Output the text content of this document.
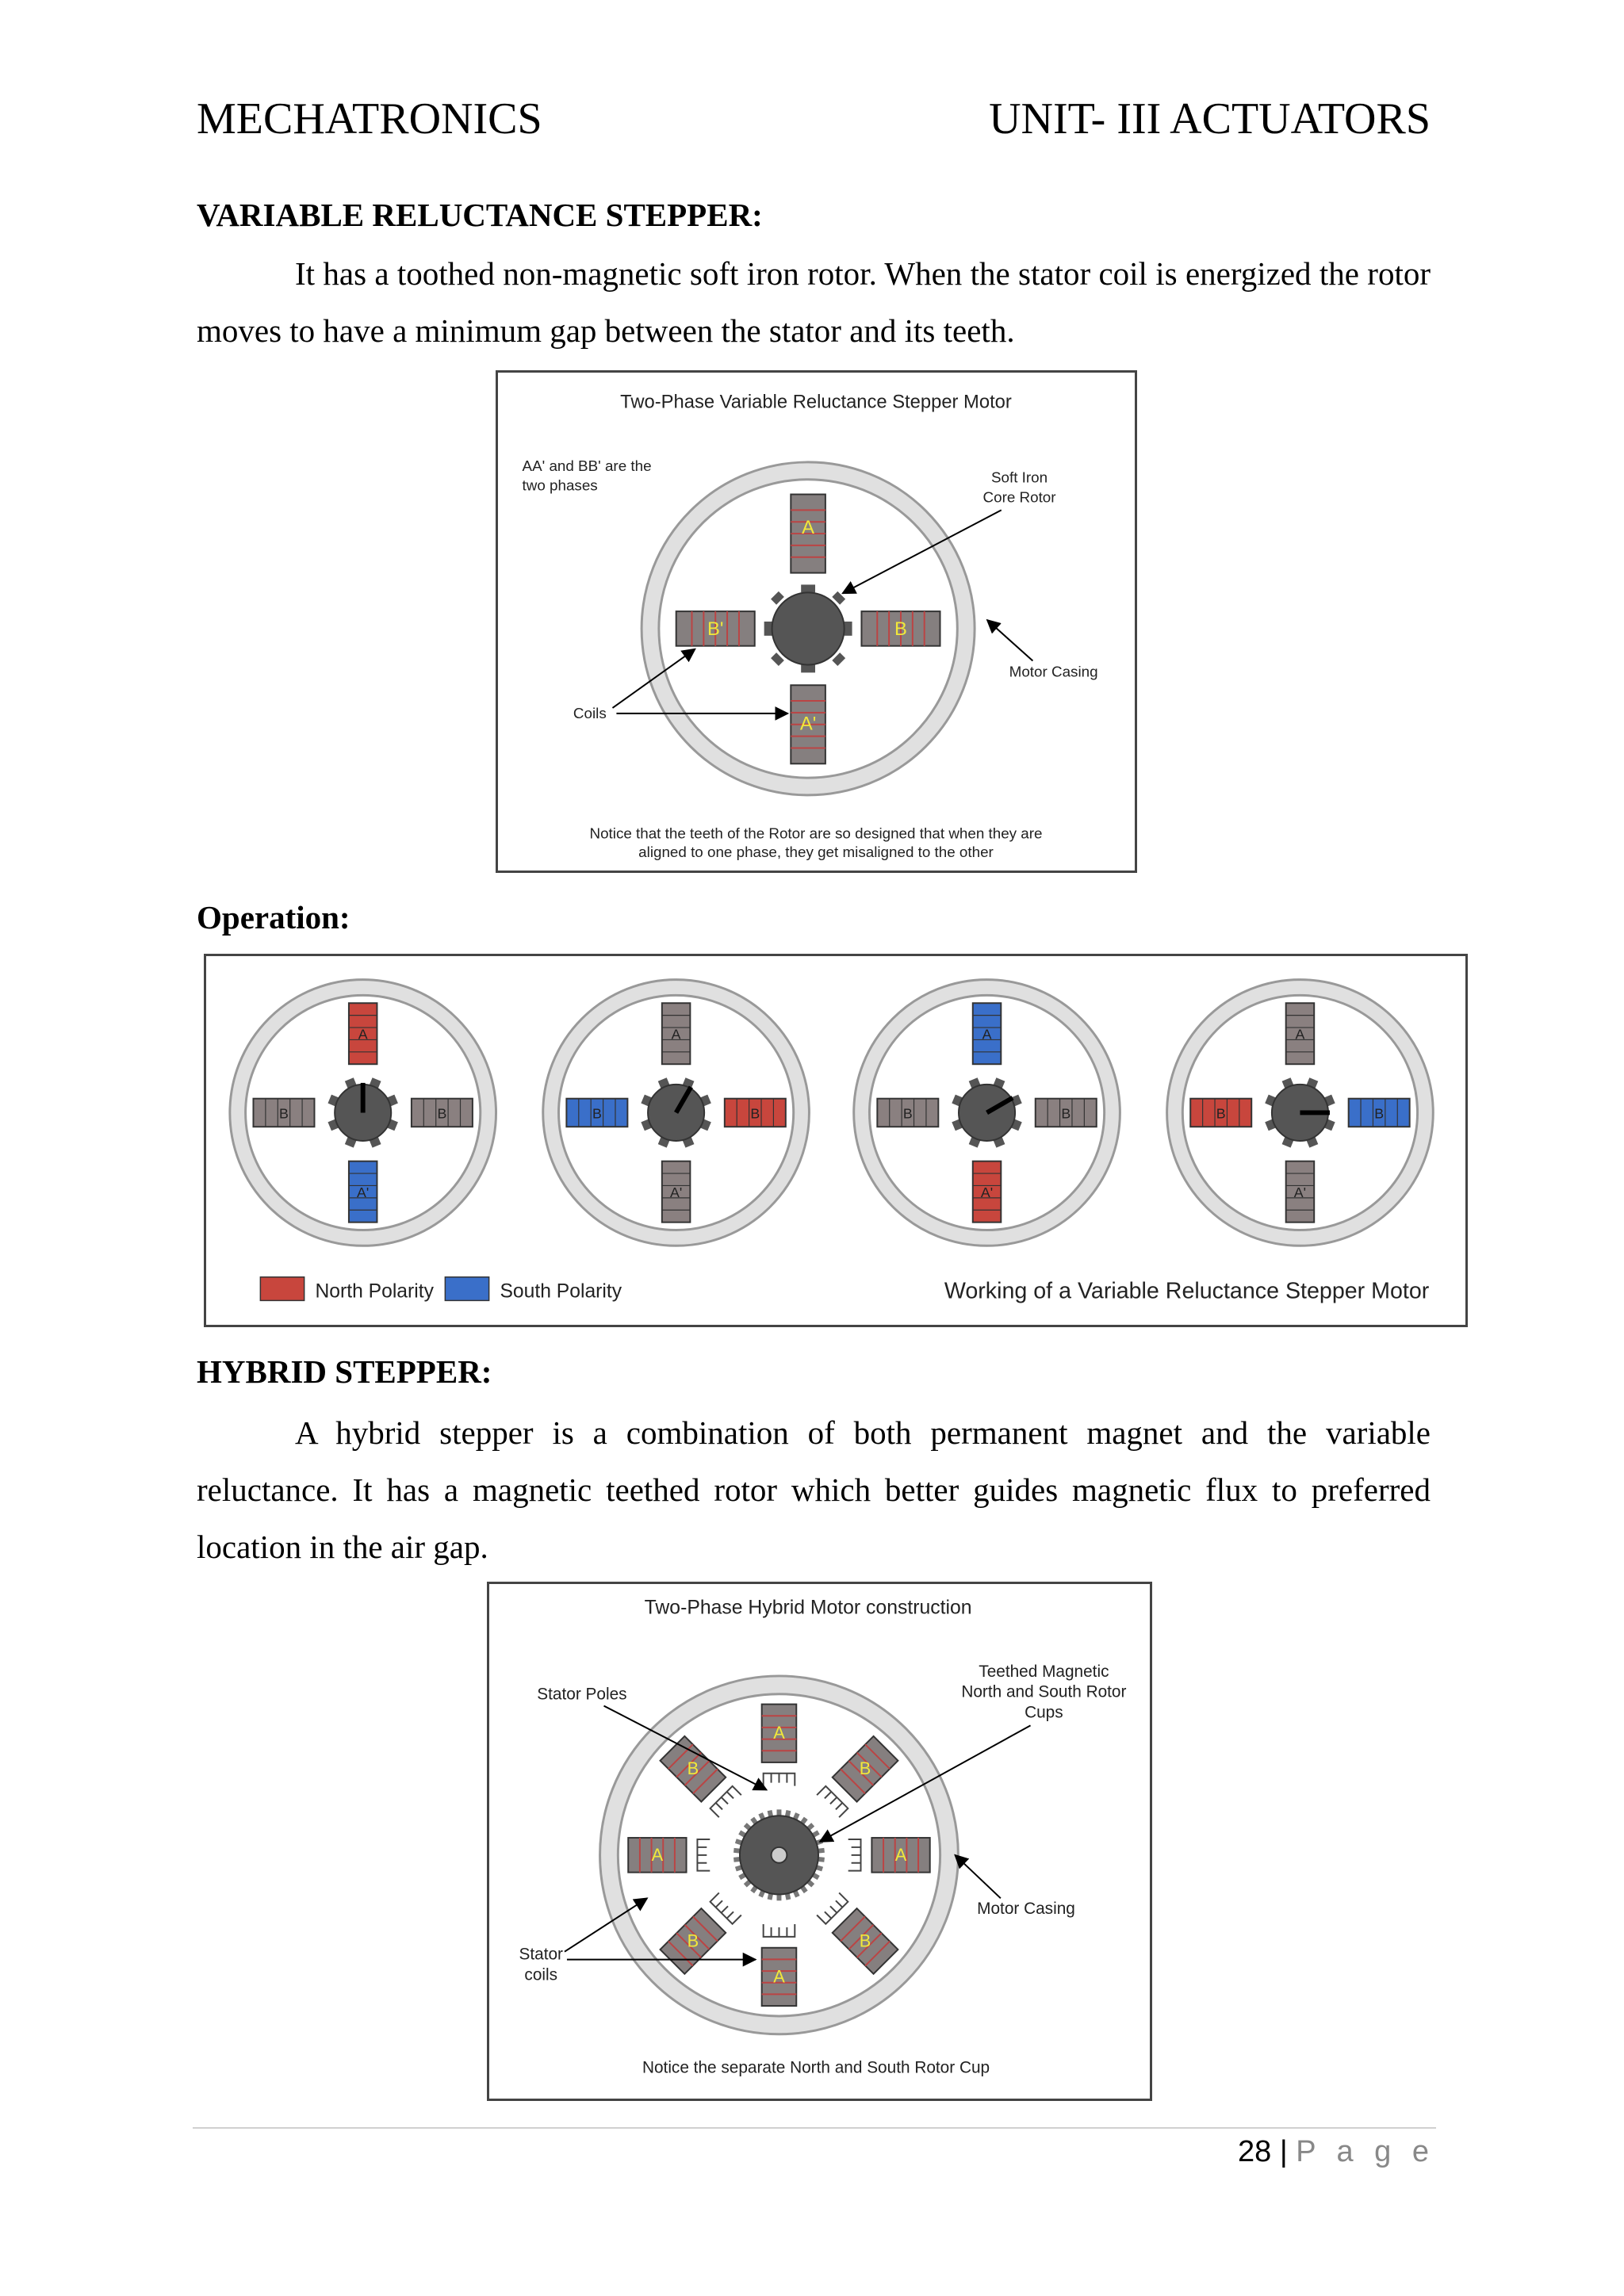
MECHATRONICS	UNIT- III ACTUATORS
VARIABLE RELUCTANCE STEPPER:
It has a toothed non-magnetic soft iron rotor. When the stator coil is energized the rotor moves to have a minimum gap between the stator and its teeth.
Two-Phase Variable Reluctance Stepper Motor
AA' and BB' are the
two phases
A
A'
B'	B
Soft Iron
Core Rotor
Motor Casing
Coils
Notice that the teeth of the Rotor are so designed that when they are
aligned to one phase, they get misaligned to the other
Operation:
A
A'
B	B
A
A'
B	B
A
A'
B	B
A
A'
B	B
North Polarity	South Polarity	Working of a Variable Reluctance Stepper Motor
HYBRID STEPPER:
A hybrid stepper is a combination of both permanent magnet and the variable reluctance. It has a magnetic teethed rotor which better guides magnetic flux to preferred location in the air gap.
Two-Phase Hybrid Motor construction
A
B
A
B
A
B
A
B
Stator Poles
Teethed Magnetic
North and South Rotor
Cups
Motor Casing
Stator
coils
Notice the separate North and South Rotor Cup
28 | P a g e
